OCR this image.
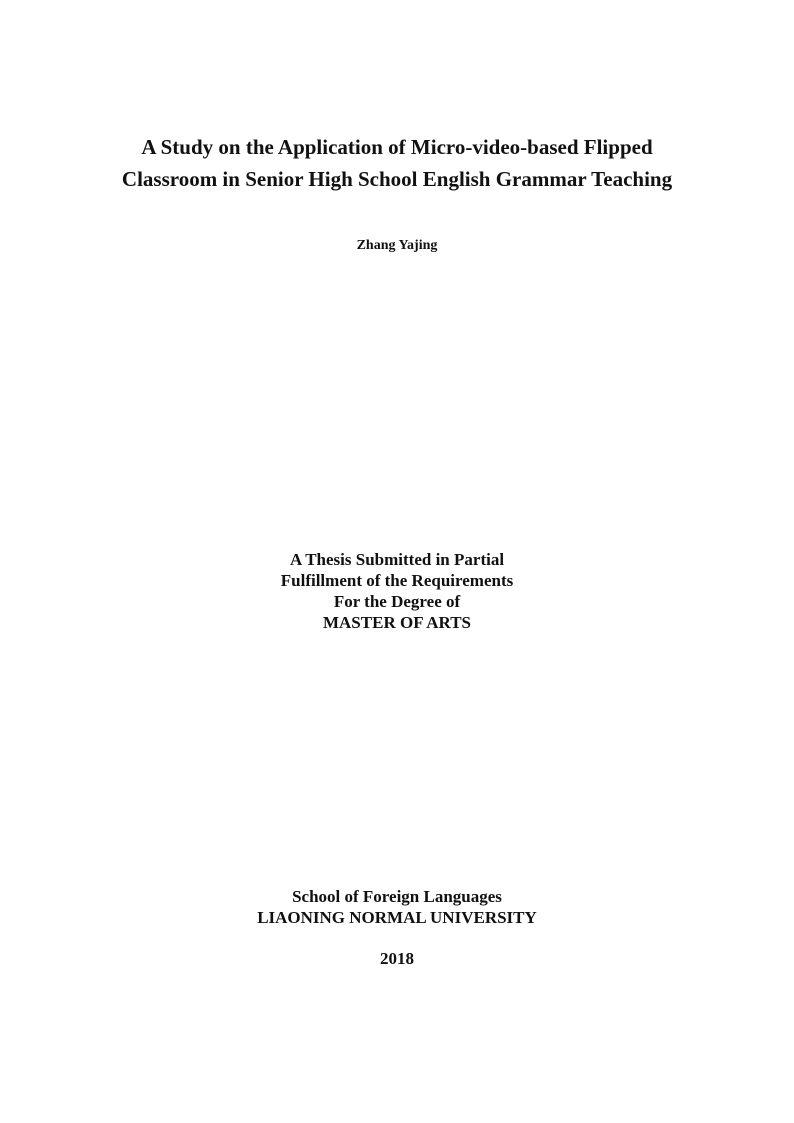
A Study on the Application of Micro-video-based Flipped
Classroom in Senior High School English Grammar Teaching
Zhang Yajing
A Thesis Submitted in Partial
Fulfillment of the Requirements
For the Degree of
MASTER OF ARTS
School of Foreign Languages
LIAONING NORMAL UNIVERSITY
2018
